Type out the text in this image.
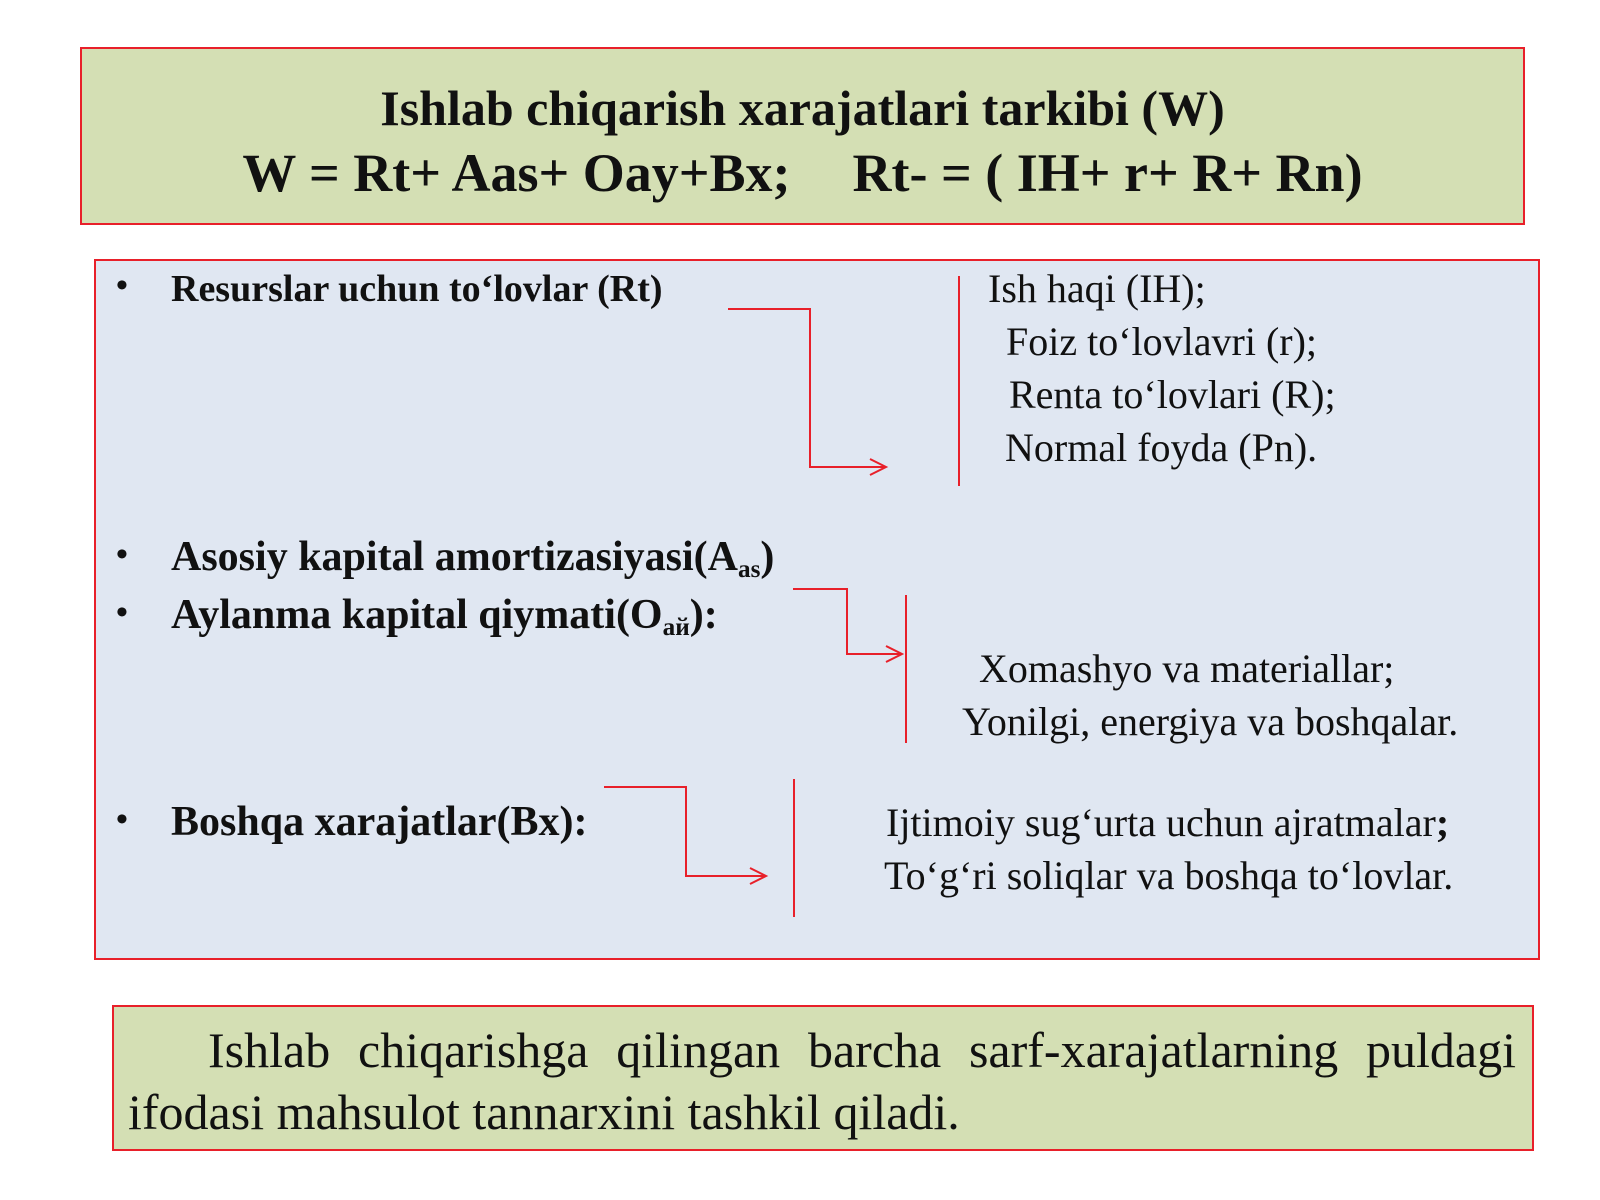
Ishlab chiqarish xarajatlari tarkibi (W)
W = Rt+ Aas+ Oay+Bx; Rt- = ( IH+ r+ R+ Rn)
• Resurslar uchun to‘lovlar (Rt)	Ish haqi (IH);
Foiz to‘lovlavri (r);
Renta to‘lovlari (R);
Normal foyda (Pn).
• Asosiy kapital $amortizasiyasi(A_{as})$
• Aylanma kapital $qiymati(O_{ай})$:
Xomashyo va materiallar;
Yonilgi, energiya va boshqalar.
• Boshqa xarajatlar(Bx):	Ijtimoiy sug‘urta uchun ajratmalar;
To‘g‘ri soliqlar va boshqa to‘lovlar.
Ishlab chiqarishga qilingan barcha sarf-xarajatlarning puldagi ifodasi mahsulot tannarxini tashkil qiladi.
